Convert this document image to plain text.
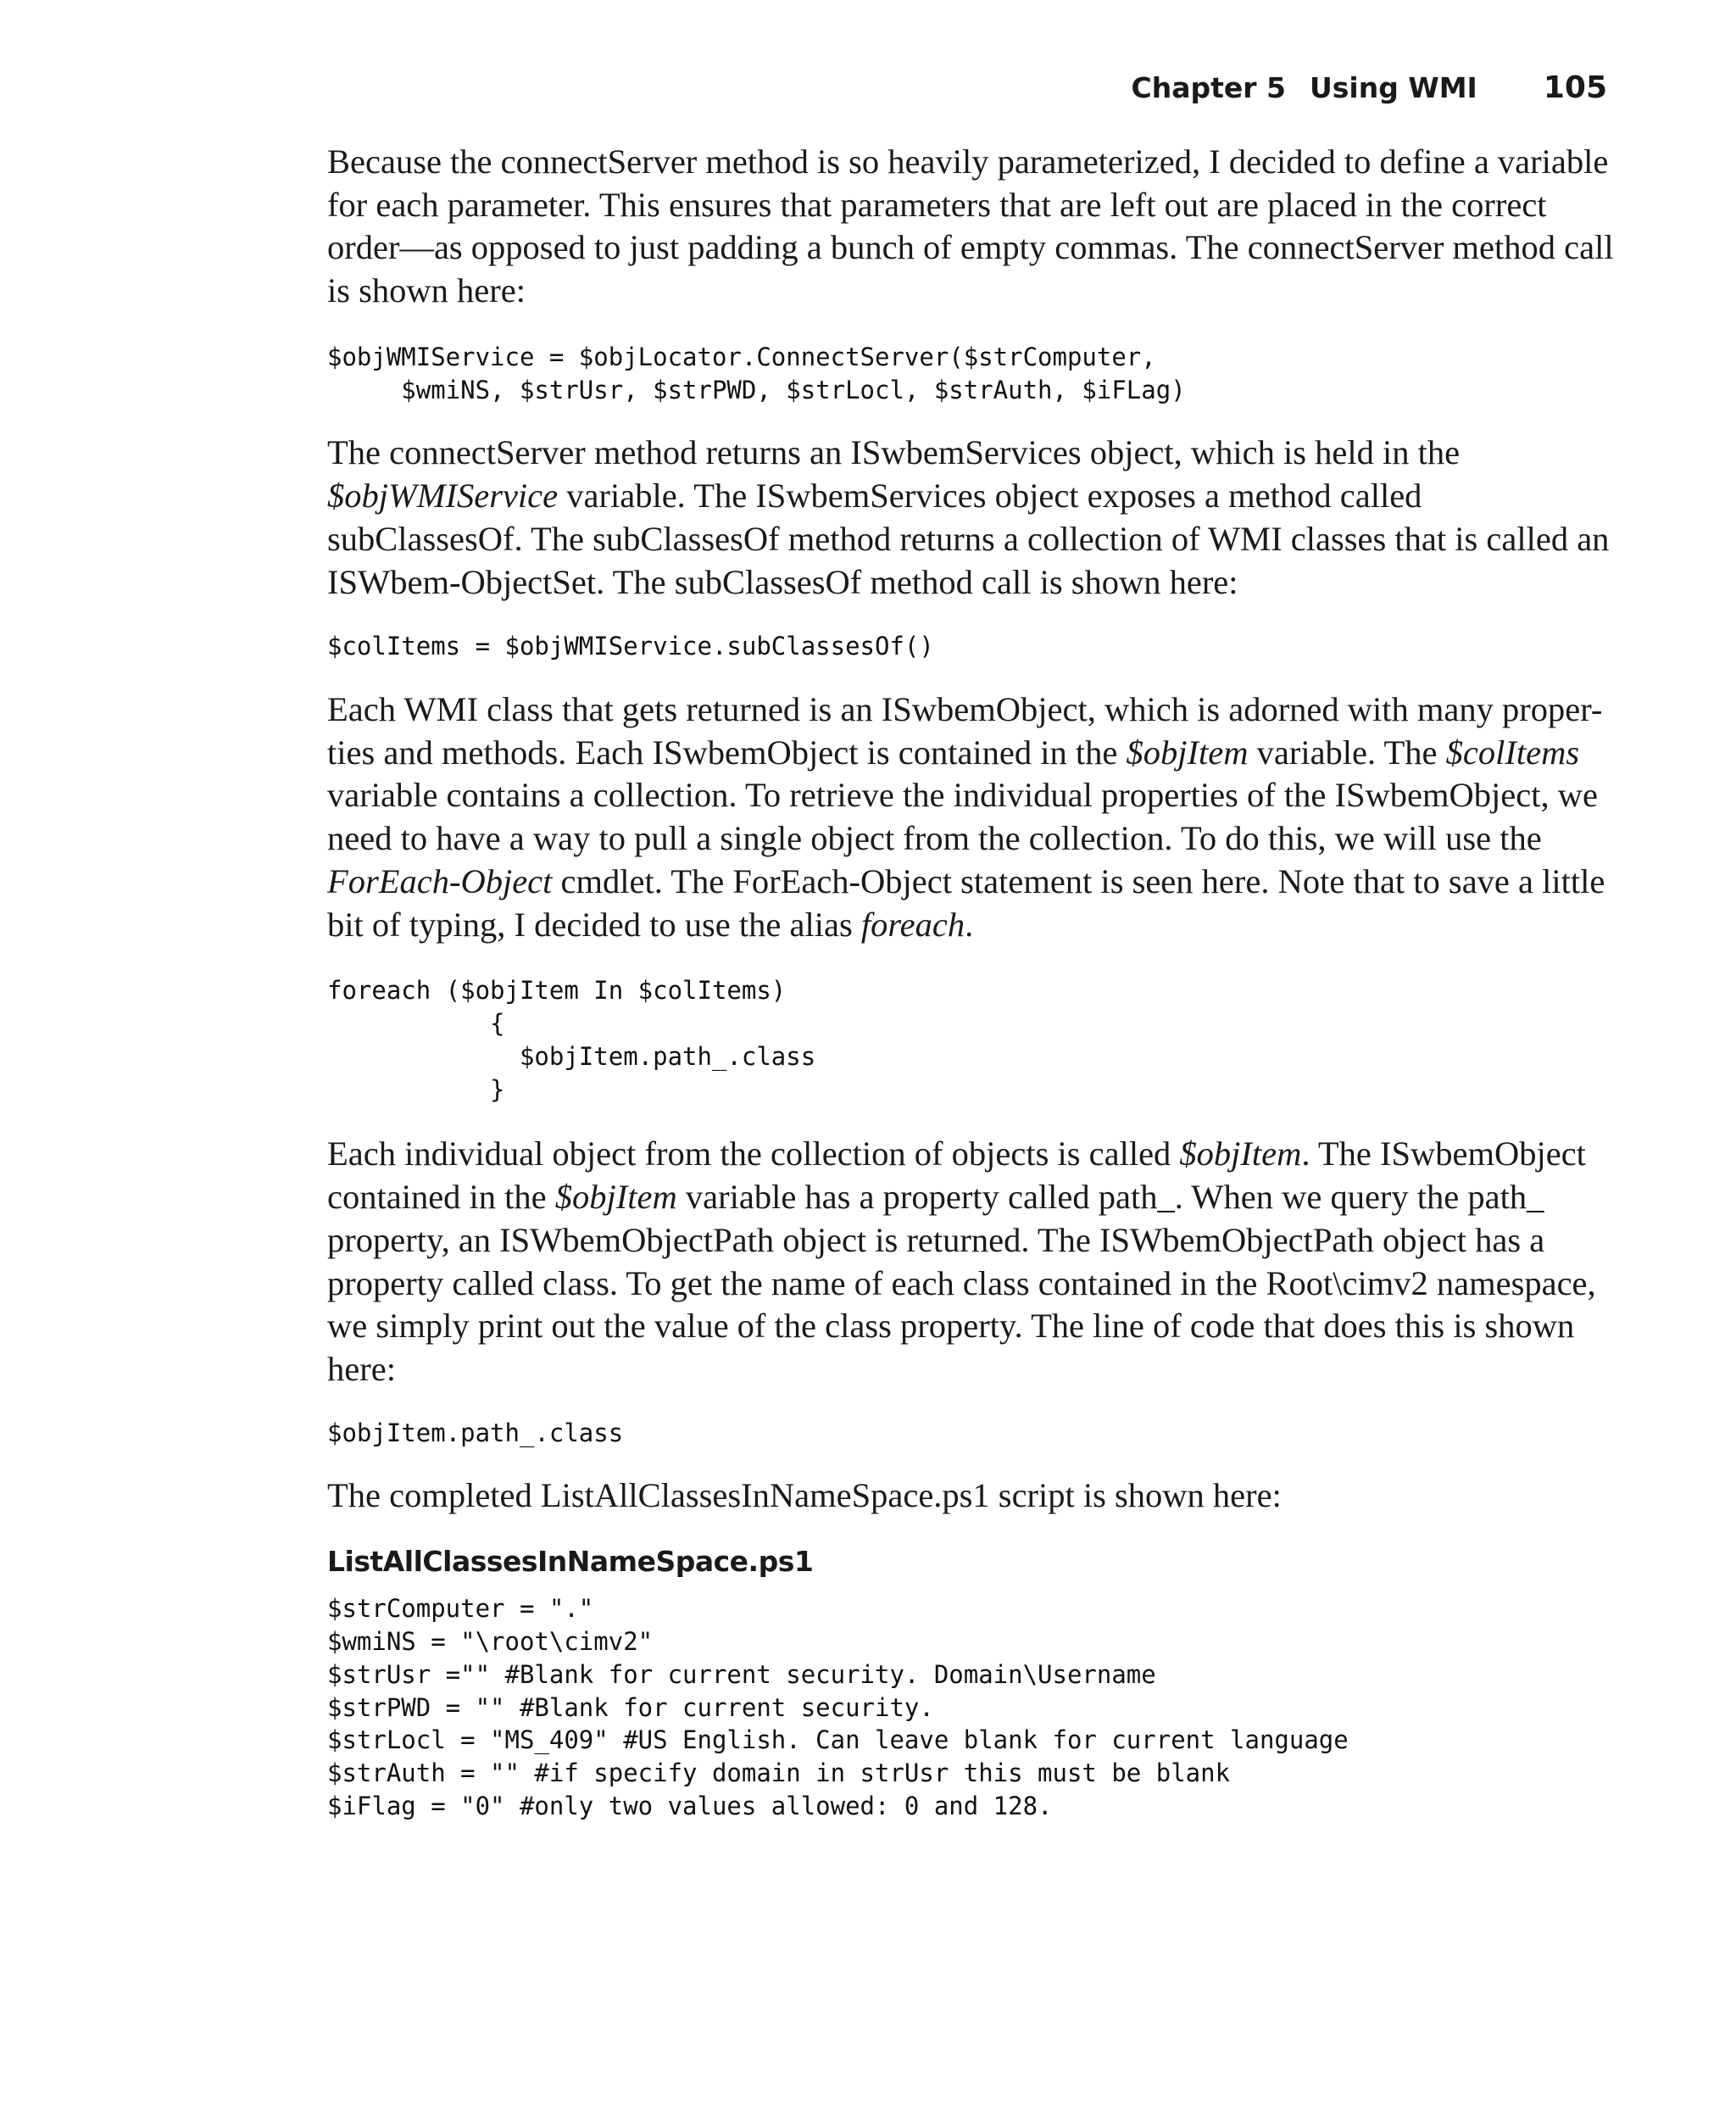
Chapter 5 Using WMI 105

Because the connectServer method is so heavily parameterized, I decided to define a variable for each parameter. This ensures that parameters that are left out are placed in the correct order—as opposed to just padding a bunch of empty commas. The connectServer method call is shown here:

$objWMIService = $objLocator.ConnectServer($strComputer,
$wmiNS, $strUsr, $strPWD, $strLocl, $strAuth, $iFLag)

The connectServer method returns an ISwbemServices object, which is held in the $objWMIService variable. The ISwbemServices object exposes a method called subClassesOf. The subClassesOf method returns a collection of WMI classes that is called an ISWbem-ObjectSet. The subClassesOf method call is shown here:

$colItems = $objWMIService.subClassesOf()

Each WMI class that gets returned is an ISwbemObject, which is adorned with many proper-ties and methods. Each ISwbemObject is contained in the $objItem variable. The $colItems variable contains a collection. To retrieve the individual properties of the ISwbemObject, we need to have a way to pull a single object from the collection. To do this, we will use the ForEach-Object cmdlet. The ForEach-Object statement is seen here. Note that to save a little bit of typing, I decided to use the alias foreach.

foreach ($objItem In $colItems)
{
$objItem.path_.class
}

Each individual object from the collection of objects is called $objItem. The ISwbemObject contained in the $objItem variable has a property called path_. When we query the path_ property, an ISWbemObjectPath object is returned. The ISWbemObjectPath object has a property called class. To get the name of each class contained in the Root\cimv2 namespace, we simply print out the value of the class property. The line of code that does this is shown here:

$objItem.path_.class

The completed ListAllClassesInNameSpace.ps1 script is shown here:

ListAllClassesInNameSpace.ps1
$strComputer = "."
$wmiNS = "\root\cimv2"
$strUsr ="" #Blank for current security. Domain\Username
$strPWD = "" #Blank for current security.
$strLocl = "MS_409" #US English. Can leave blank for current language
$strAuth = "" #if specify domain in strUsr this must be blank
$iFlag = "0" #only two values allowed: 0 and 128.
